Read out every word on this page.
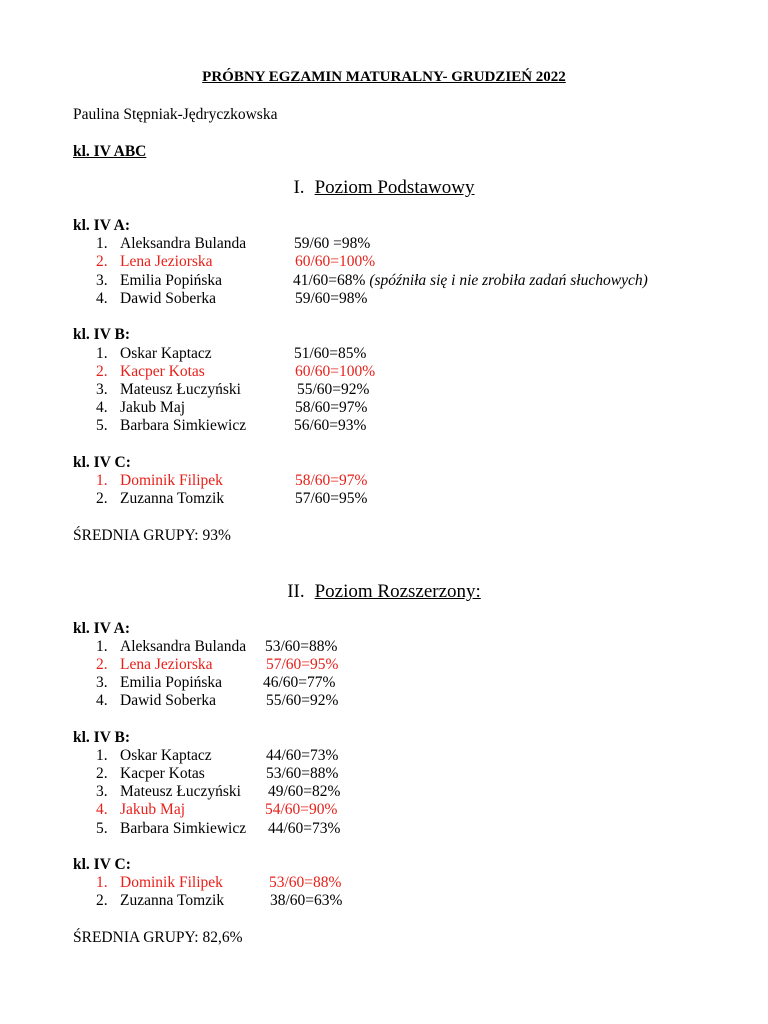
PRÓBNY EGZAMIN MATURALNY- GRUDZIEŃ 2022
Paulina Stępniak-Jędryczkowska
kl. IV ABC
I. Poziom Podstawowy
kl. IV A:
1. Aleksandra Bulanda	59/60 =98%
2. Lena Jeziorska	60/60=100%
3. Emilia Popińska	41/60=68% (spóźniła się i nie zrobiła zadań słuchowych)
4. Dawid Soberka	59/60=98%
kl. IV B:
1. Oskar Kaptacz	51/60=85%
2. Kacper Kotas	60/60=100%
3. Mateusz Łuczyński	55/60=92%
4. Jakub Maj	58/60=97%
5. Barbara Simkiewicz	56/60=93%
kl. IV C:
1. Dominik Filipek	58/60=97%
2. Zuzanna Tomzik	57/60=95%
ŚREDNIA GRUPY: 93%
II. Poziom Rozszerzony:
kl. IV A:
1. Aleksandra Bulanda 53/60=88%
2. Lena Jeziorska	57/60=95%
3. Emilia Popińska	46/60=77%
4. Dawid Soberka	55/60=92%
kl. IV B:
1. Oskar Kaptacz	44/60=73%
2. Kacper Kotas	53/60=88%
3. Mateusz Łuczyński 49/60=82%
4. Jakub Maj	54/60=90%
5. Barbara Simkiewicz 44/60=73%
kl. IV C:
1. Dominik Filipek	53/60=88%
2. Zuzanna Tomzik	38/60=63%
ŚREDNIA GRUPY: 82,6%
